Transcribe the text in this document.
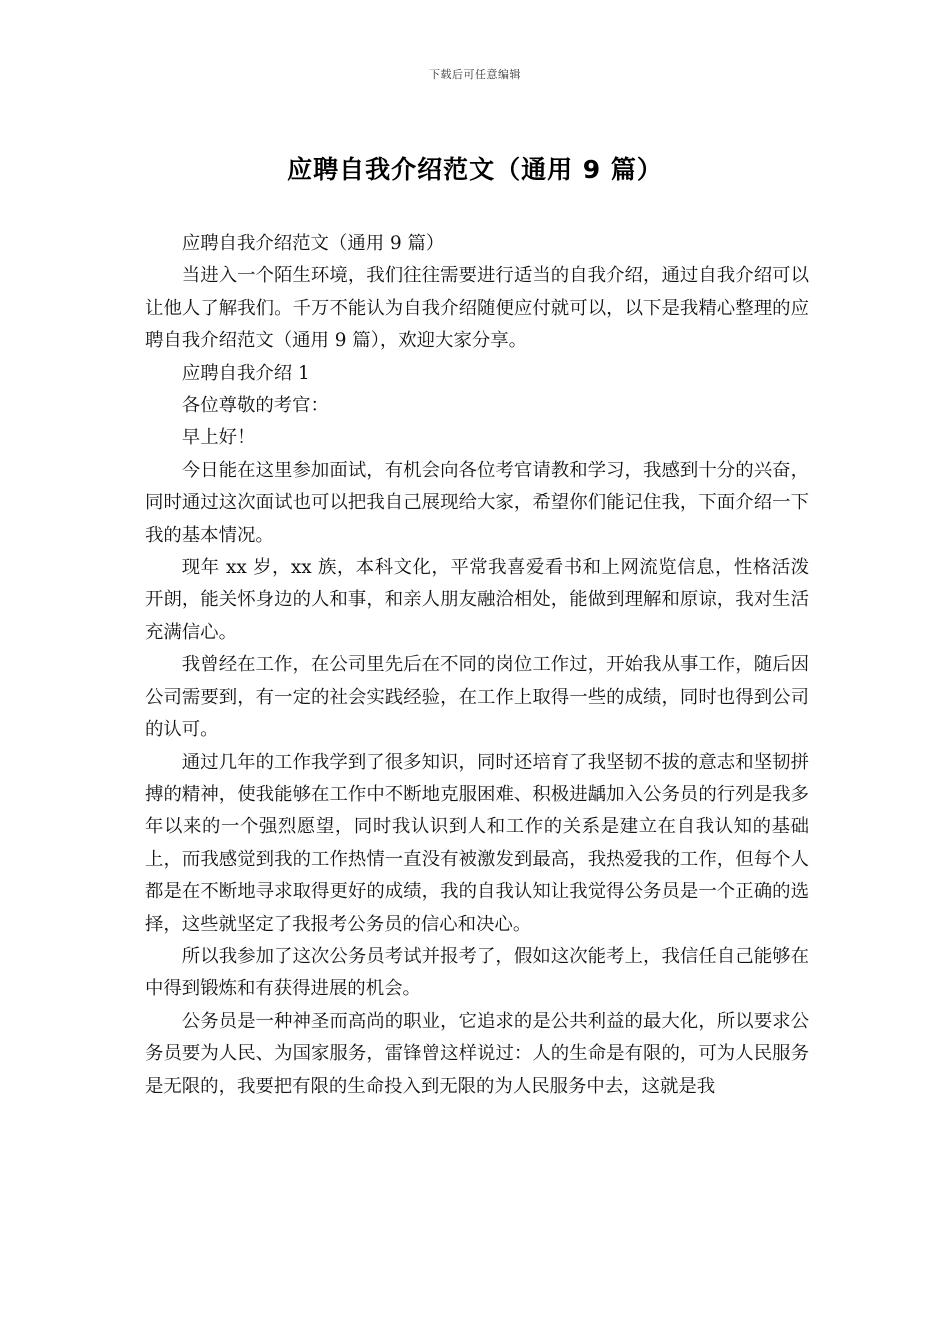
下载后可任意编辑
应聘自我介绍范文（通用 9 篇）

应聘自我介绍范文（通用 9 篇）

当进入一个陌生环境，我们往往需要进行适当的自我介绍，通过自我介绍可以让他人了解我们。千万不能认为自我介绍随便应付就可以，以下是我精心整理的应聘自我介绍范文（通用 9 篇），欢迎大家分享。

应聘自我介绍 1

各位尊敬的考官：

早上好！

今日能在这里参加面试，有机会向各位考官请教和学习，我感到十分的兴奋，同时通过这次面试也可以把我自己展现给大家，希望你们能记住我，下面介绍一下我的基本情况。

现年 xx 岁，xx 族，本科文化，平常我喜爱看书和上网流览信息，性格活泼开朗，能关怀身边的人和事，和亲人朋友融洽相处，能做到理解和原谅，我对生活充满信心。

我曾经在工作，在公司里先后在不同的岗位工作过，开始我从事工作，随后因公司需要到，有一定的社会实践经验，在工作上取得一些的成绩，同时也得到公司的认可。

通过几年的工作我学到了很多知识，同时还培育了我坚韧不拔的意志和坚韧拼搏的精神，使我能够在工作中不断地克服困难、积极进龋加入公务员的行列是我多年以来的一个强烈愿望，同时我认识到人和工作的关系是建立在自我认知的基础上，而我感觉到我的工作热情一直没有被激发到最高，我热爱我的工作，但每个人都是在不断地寻求取得更好的成绩，我的自我认知让我觉得公务员是一个正确的选择，这些就坚定了我报考公务员的信心和决心。

所以我参加了这次公务员考试并报考了，假如这次能考上，我信任自己能够在中得到锻炼和有获得进展的机会。

公务员是一种神圣而高尚的职业，它追求的是公共利益的最大化，所以要求公务员要为人民、为国家服务，雷锋曾这样说过：人的生命是有限的，可为人民服务是无限的，我要把有限的生命投入到无限的为人民服务中去，这就是我
